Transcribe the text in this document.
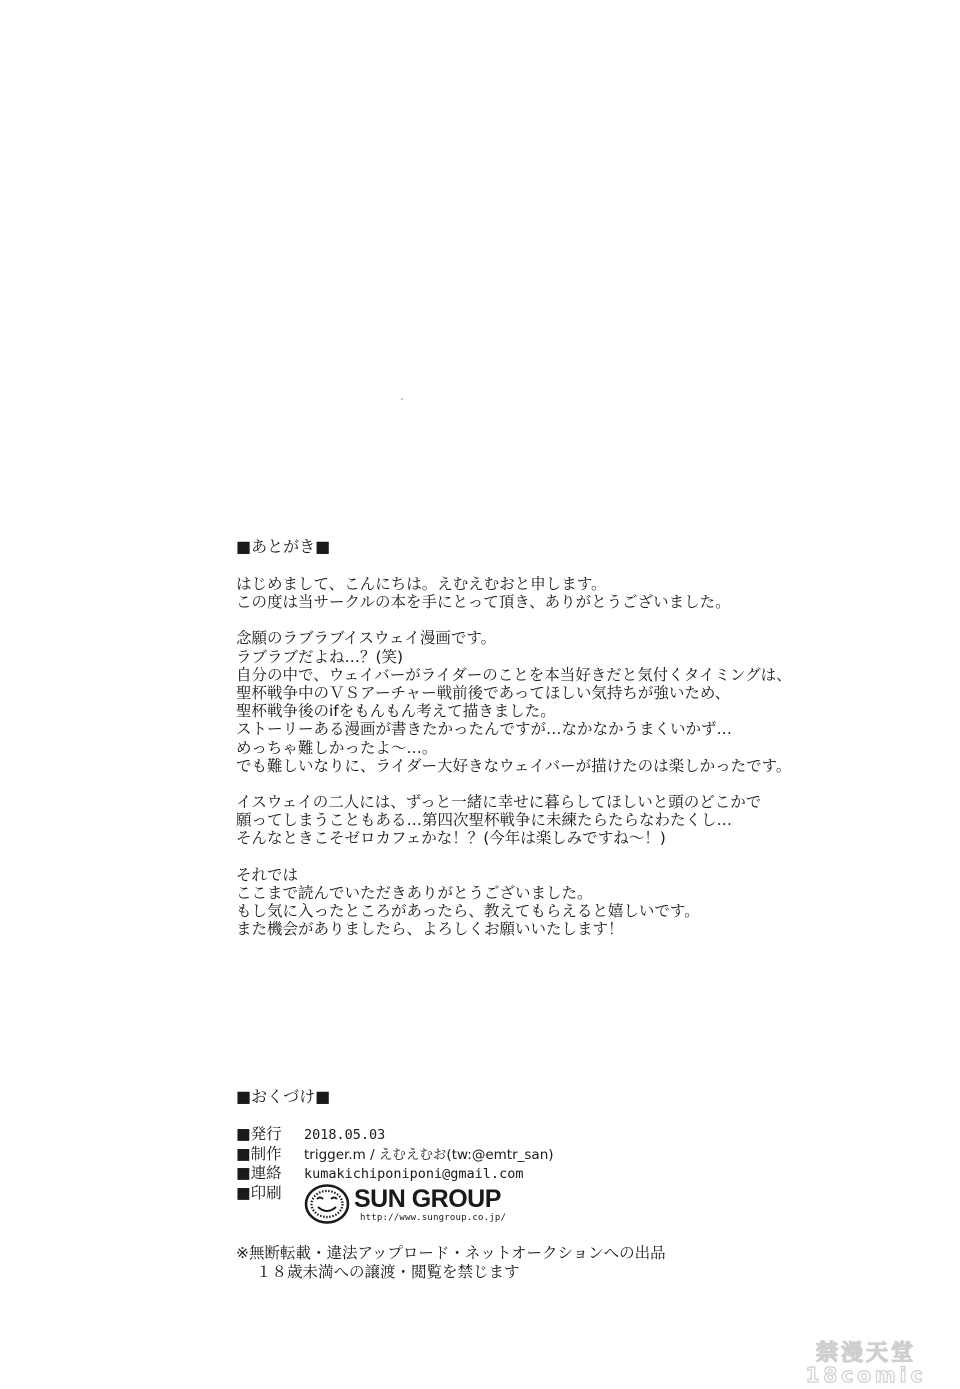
■あとがき■
はじめまして、こんにちは。えむえむおと申します。
この度は当サークルの本を手にとって頂き、ありがとうございました。
念願のラブラブイスウェイ漫画です。
ラブラブだよね…？(笑)
自分の中で、ウェイバーがライダーのことを本当好きだと気付くタイミングは、
聖杯戦争中のＶＳアーチャー戦前後であってほしい気持ちが強いため、
聖杯戦争後のifをもんもん考えて描きました。
ストーリーある漫画が書きたかったんですが…なかなかうまくいかず…
めっちゃ難しかったよ～…。
でも難しいなりに、ライダー大好きなウェイバーが描けたのは楽しかったです。
イスウェイの二人には、ずっと一緒に幸せに暮らしてほしいと頭のどこかで
願ってしまうこともある…第四次聖杯戦争に未練たらたらなわたくし…
そんなときこそゼロカフェかな！？(今年は楽しみですね～！)
それでは
ここまで読んでいただきありがとうございました。
もし気に入ったところがあったら、教えてもらえると嬉しいです。
また機会がありましたら、よろしくお願いいたします！
■おくづけ■
■発行	2018.05.03
■制作	trigger.m / えむえむお(tw:@emtr_san)
■連絡	kumakichiponiponi@gmail.com
■印刷	SUN GROUP
http://www.sungroup.co.jp/
※無断転載・違法アップロード・ネットオークションへの出品
１８歳未満への譲渡・閲覧を禁じます
禁漫天堂
18comic
